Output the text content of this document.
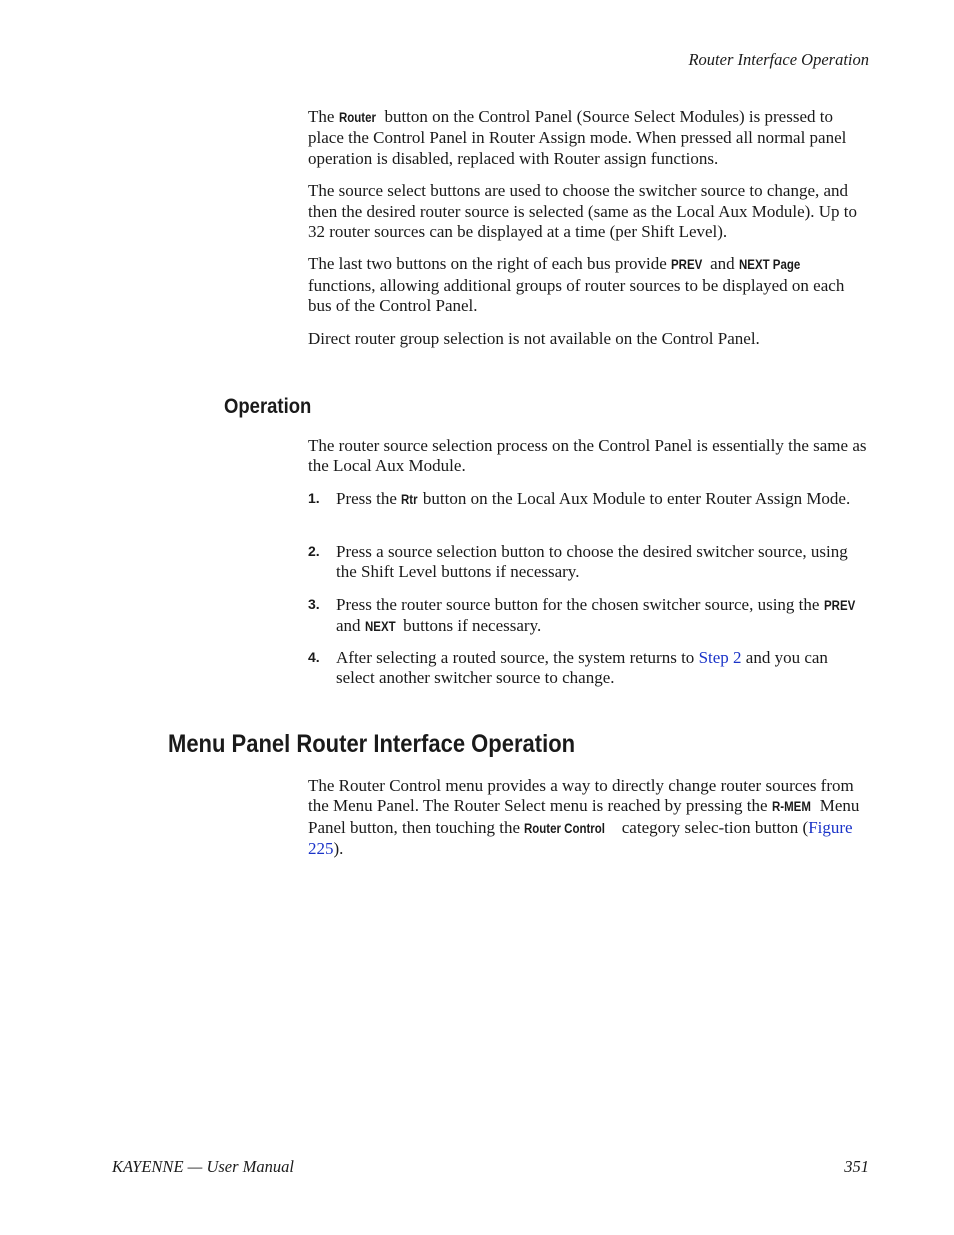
Router Interface Operation

The Router button on the Control Panel (Source Select Modules) is pressed to place the Control Panel in Router Assign mode. When pressed all normal panel operation is disabled, replaced with Router assign functions.

The source select buttons are used to choose the switcher source to change, and then the desired router source is selected (same as the Local Aux Module). Up to 32 router sources can be displayed at a time (per Shift Level).

The last two buttons on the right of each bus provide PREV and NEXT Page functions, allowing additional groups of router sources to be displayed on each bus of the Control Panel.

Direct router group selection is not available on the Control Panel.

Operation

The router source selection process on the Control Panel is essentially the same as the Local Aux Module.

1. Press the Rtr button on the Local Aux Module to enter Router Assign Mode.
2. Press a source selection button to choose the desired switcher source, using the Shift Level buttons if necessary.
3. Press the router source button for the chosen switcher source, using the PREV and NEXT buttons if necessary.
4. After selecting a routed source, the system returns to Step 2 and you can select another switcher source to change.
Menu Panel Router Interface Operation

The Router Control menu provides a way to directly change router sources from the Menu Panel. The Router Select menu is reached by pressing the R-MEM Menu Panel button, then touching the Router Control category selec-tion button (Figure 225).

KAYENNE — User Manual	351
